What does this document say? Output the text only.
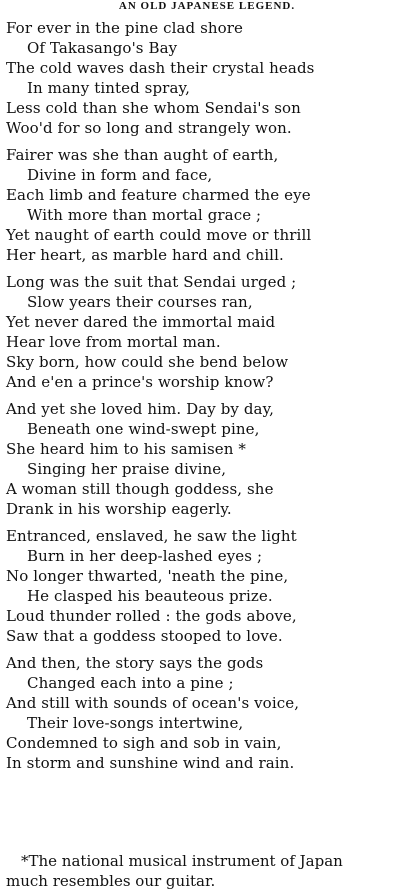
AN OLD JAPANESE LEGEND.
For ever in the pine clad shore
Of Takasango's Bay
The cold waves dash their crystal heads
In many tinted spray,
Less cold than she whom Sendai's son
Woo'd for so long and strangely won.
Fairer was she than aught of earth,
Divine in form and face,
Each limb and feature charmed the eye
With more than mortal grace ;
Yet naught of earth could move or thrill
Her heart, as marble hard and chill.
Long was the suit that Sendai urged ;
Slow years their courses ran,
Yet never dared the immortal maid
Hear love from mortal man.
Sky born, how could she bend below
And e'en a prince's worship know?
And yet she loved him. Day by day,
Beneath one wind-swept pine,
She heard him to his samisen *
Singing her praise divine,
A woman still though goddess, she
Drank in his worship eagerly.
Entranced, enslaved, he saw the light
Burn in her deep-lashed eyes ;
No longer thwarted, 'neath the pine,
He clasped his beauteous prize.
Loud thunder rolled : the gods above,
Saw that a goddess stooped to love.
And then, the story says the gods
Changed each into a pine ;
And still with sounds of ocean's voice,
Their love-songs intertwine,
Condemned to sigh and sob in vain,
In storm and sunshine wind and rain.
*The national musical instrument of Japan
much resembles our guitar.
